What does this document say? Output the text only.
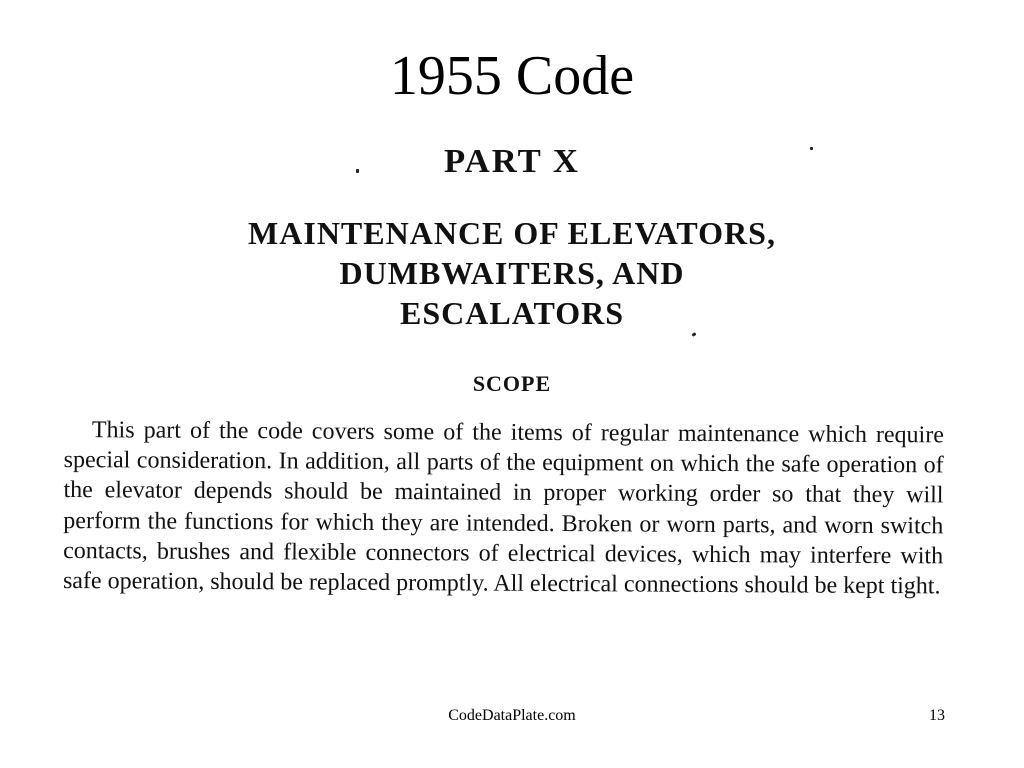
1955 Code
PART X
MAINTENANCE OF ELEVATORS,
DUMBWAITERS, AND
ESCALATORS
SCOPE

This part of the code covers some of the items of regular maintenance which require special consideration. In addition, all parts of the equipment on which the safe operation of the elevator depends should be maintained in proper working order so that they will perform the functions for which they are intended. Broken or worn parts, and worn switch contacts, brushes and flexible connectors of electrical devices, which may interfere with safe operation, should be replaced promptly. All electrical connections should be kept tight.

CodeDataPlate.com	13
